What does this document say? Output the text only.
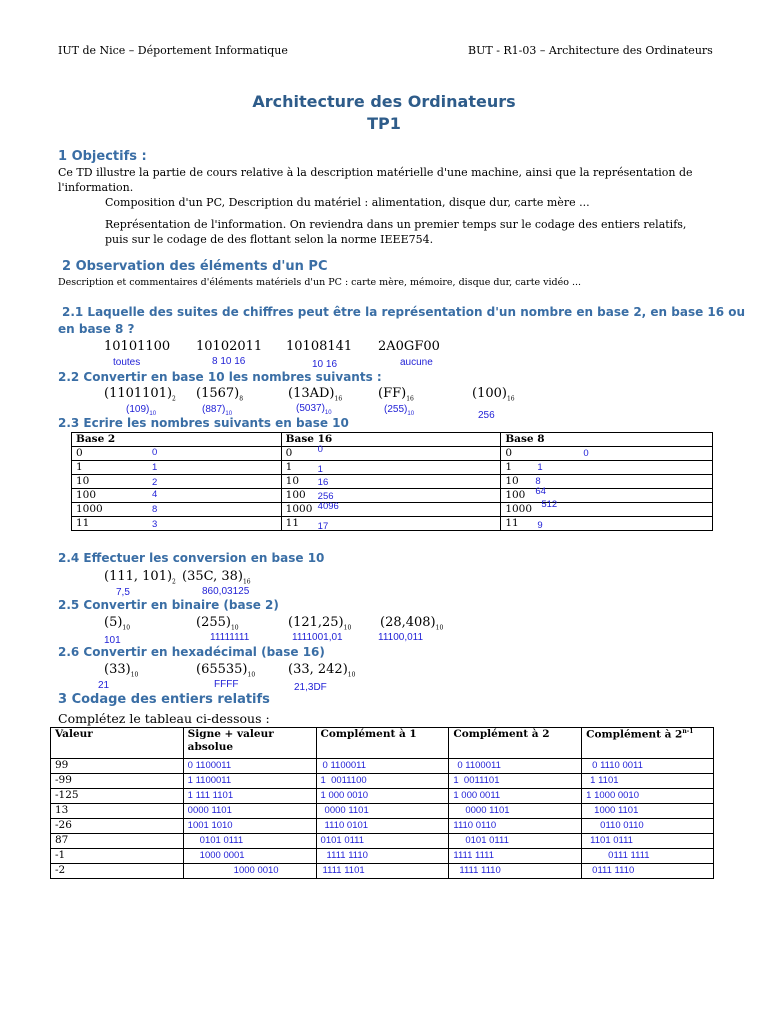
IUT de Nice – Déportement Informatique	BUT - R1-03 – Architecture des Ordinateurs
Architecture des Ordinateurs
TP1
1 Objectifs :
Ce TD illustre la partie de cours relative à la description matérielle d'une machine, ainsi que la représentation de l'information.
Composition d'un PC, Description du matériel : alimentation, disque dur, carte mère ...
Représentation de l'information. On reviendra dans un premier temps sur le codage des entiers relatifs, puis sur le codage de des flottant selon la norme IEEE754.
2 Observation des éléments d'un PC
Description et commentaires d'éléments matériels d'un PC : carte mère, mémoire, disque dur, carte vidéo ...
2.1 Laquelle des suites de chiffres peut être la représentation d'un nombre en base 2, en base 16 ou
en base 8 ?
10101100 10102011 10108141 2A0GF00
toutes	8 10 16	10 16	aucune
2.2 Convertir en base 10 les nombres suivants :
$(1101101)_2$ $(1567)_8$	$(13AD)_{16}$	$(FF)_{16}$	$(100)_{16}$
$(109)_{10}$	$(887)_{10}$	$(5037)_{10}$	$(255)_{10}$	256
2.3 Ecrire les nombres suivants en base 10
Base 2	Base 16	Base 8
0 0	0 0	0 0

1 1	1 1	1 1

10 2	10 16	10 8

100 4	100 256	100 64

1000 8	1000 4096	1000 512

11 3	11 17	11 9
2.4 Effectuer les conversion en base 10
(111, $101)_2$ (35C, $38)_{16}$
7,5	860,03125
2.5 Convertir en binaire (base 2)
$(5)_{10}$	$(255)_{10}$	$(121,25)_{10}$ $(28,408)_{10}$
101	11111111	1111001,01	11100,011
2.6 Convertir en hexadécimal (base 16)
$(33)_{10}$	$(65535)_{10}$	(33, $242)_{10}$
21	FFFF	21,3DF
3 Codage des entiers relatifs
Complétez le tableau ci-dessous :
Valeur	Signe + valeur absolue	Complément à 1	Complément à 2	Complément à 2$^{n-1}$
99	0 1100011	0 1100011	0 1100011	0 1110 0011
-99	1 1100011	1  0011100	1  0011101	1 1101
-125	1 111 1101	1 000 0010	1 000 0011	1 1000 0010
13	0000 1101	0000 1101	0000 1101	1000 1101
-26	1001 1010	1110 0101	1110 0110	0110 0110
87	0101 0111	0101 0111	0101 0111	1101 0111
-1	1000 0001	1111 1110	1111 1111	0111 1111
-2	1000 0010	1111 1101	1111 1110	0111 1110
